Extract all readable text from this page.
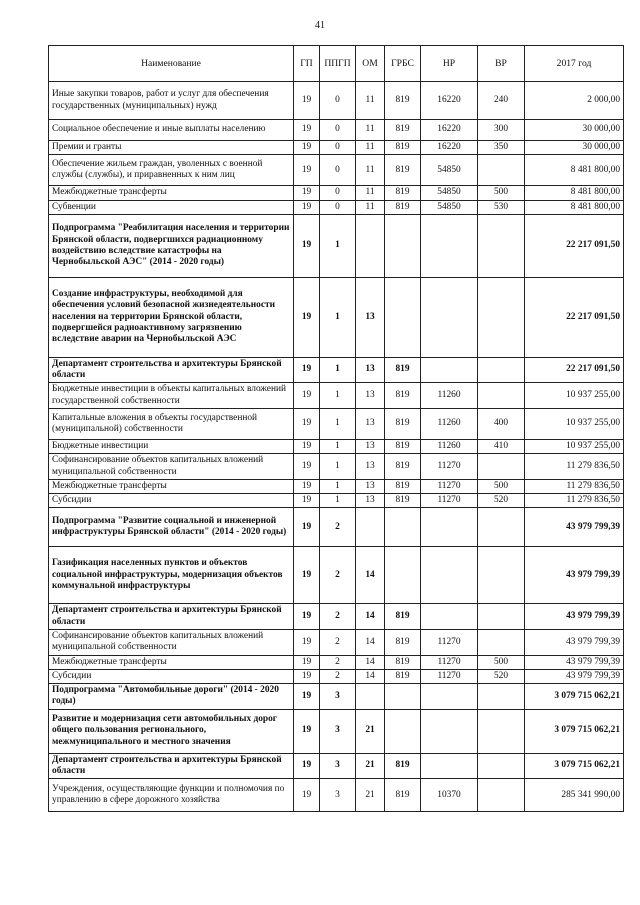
41
Наименование	ГП	ППГП	ОМ	ГРБС	НР	ВР	2017 год
Иные закупки товаров, работ и услуг для обеспечения государственных (муниципальных) нужд	19	0	11	819	16220	240	2 000,00
Социальное обеспечение и иные выплаты населению	19	0	11	819	16220	300	30 000,00
Премии и гранты	19	0	11	819	16220	350	30 000,00
Обеспечение жильем граждан, уволенных с военной службы (службы), и приравненных к ним лиц	19	0	11	819	54850		8 481 800,00
Межбюджетные трансферты	19	0	11	819	54850	500	8 481 800,00
Субвенции	19	0	11	819	54850	530	8 481 800,00
Подпрограмма "Реабилитация населения и территории Брянской области, подвергшихся радиационному воздействию вследствие катастрофы на Чернобыльской АЭС" (2014 - 2020 годы)	19	1					22 217 091,50
Создание инфраструктуры, необходимой для обеспечения условий безопасной жизнедеятельности населения на территории Брянской области, подвергшейся радиоактивному загрязнению вследствие аварии на Чернобыльской АЭС	19	1	13				22 217 091,50
Департамент строительства и архитектуры Брянской области	19	1	13	819			22 217 091,50
Бюджетные инвестиции в объекты капитальных вложений государственной собственности	19	1	13	819	11260		10 937 255,00
Капитальные вложения в объекты государственной (муниципальной) собственности	19	1	13	819	11260	400	10 937 255,00
Бюджетные инвестиции	19	1	13	819	11260	410	10 937 255,00
Софинансирование объектов капитальных вложений муниципальной собственности	19	1	13	819	11270		11 279 836,50
Межбюджетные трансферты	19	1	13	819	11270	500	11 279 836,50
Субсидии	19	1	13	819	11270	520	11 279 836,50
Подпрограмма "Развитие социальной и инженерной инфраструктуры Брянской области" (2014 - 2020 годы)	19	2					43 979 799,39
Газификация населенных пунктов и объектов социальной инфраструктуры, модернизация объектов коммунальной инфраструктуры	19	2	14				43 979 799,39
Департамент строительства и архитектуры Брянской области	19	2	14	819			43 979 799,39
Софинансирование объектов капитальных вложений муниципальной собственности	19	2	14	819	11270		43 979 799,39
Межбюджетные трансферты	19	2	14	819	11270	500	43 979 799,39
Субсидии	19	2	14	819	11270	520	43 979 799,39
Подпрограмма "Автомобильные дороги" (2014 - 2020 годы)	19	3					3 079 715 062,21
Развитие и модернизация сети автомобильных дорог общего пользования регионального, межмуниципального и местного значения	19	3	21				3 079 715 062,21
Департамент строительства и архитектуры Брянской области	19	3	21	819			3 079 715 062,21
Учреждения, осуществляющие функции и полномочия по управлению в сфере дорожного хозяйства	19	3	21	819	10370		285 341 990,00
